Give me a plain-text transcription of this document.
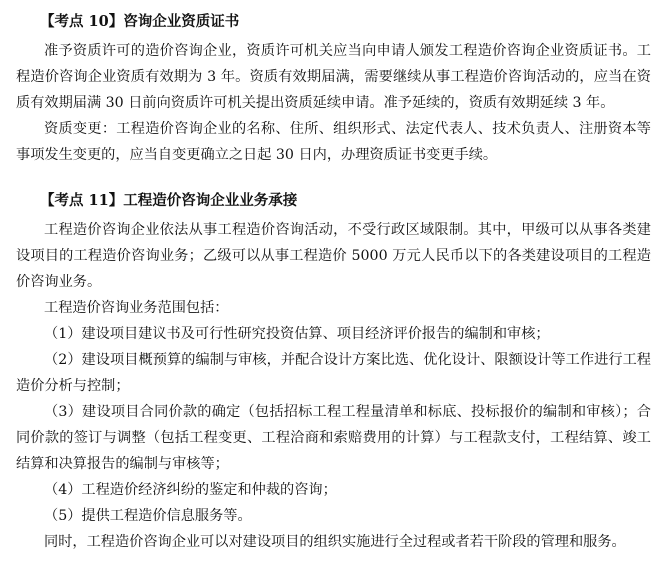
【考点 10】咨询企业资质证书

准予资质许可的造价咨询企业，资质许可机关应当向申请人颁发工程造价咨询企业资质证书。工程造价咨询企业资质有效期为 3 年。资质有效期届满，需要继续从事工程造价咨询活动的，应当在资质有效期届满 30 日前向资质许可机关提出资质延续申请。准予延续的，资质有效期延续 3 年。

资质变更：工程造价咨询企业的名称、住所、组织形式、法定代表人、技术负责人、注册资本等事项发生变更的，应当自变更确立之日起 30 日内，办理资质证书变更手续。

【考点 11】工程造价咨询企业业务承接

工程造价咨询企业依法从事工程造价咨询活动，不受行政区域限制。其中，甲级可以从事各类建设项目的工程造价咨询业务；乙级可以从事工程造价 5000 万元人民币以下的各类建设项目的工程造价咨询业务。

工程造价咨询业务范围包括：

（1）建设项目建议书及可行性研究投资估算、项目经济评价报告的编制和审核；

（2）建设项目概预算的编制与审核，并配合设计方案比选、优化设计、限额设计等工作进行工程造价分析与控制；

（3）建设项目合同价款的确定（包括招标工程工程量清单和标底、投标报价的编制和审核）；合同价款的签订与调整（包括工程变更、工程洽商和索赔费用的计算）与工程款支付，工程结算、竣工结算和决算报告的编制与审核等；

（4）工程造价经济纠纷的鉴定和仲裁的咨询；

（5）提供工程造价信息服务等。

同时，工程造价咨询企业可以对建设项目的组织实施进行全过程或者若干阶段的管理和服务。
